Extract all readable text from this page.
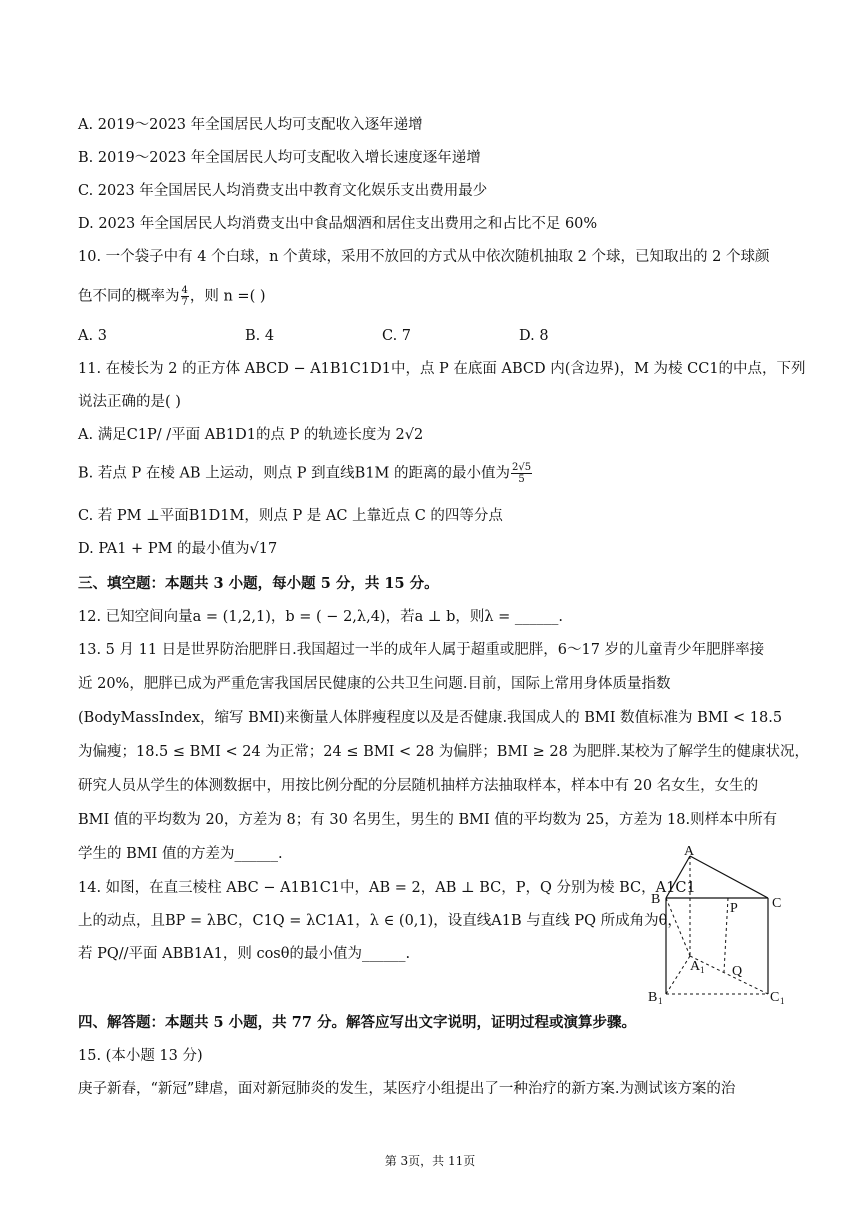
A. 2019～2023 年全国居民人均可支配收入逐年递增
B. 2019～2023 年全国居民人均可支配收入增长速度逐年递增
C. 2023 年全国居民人均消费支出中教育文化娱乐支出费用最少
D. 2023 年全国居民人均消费支出中食品烟酒和居住支出费用之和占比不足 60%
10. 一个袋子中有 4 个白球，n 个黄球，采用不放回的方式从中依次随机抽取 2 个球，已知取出的 2 个球颜
色不同的概率为 $\frac{4}{7}$ ，则 n =( )
A. 3	B. 4	C. 7	D. 8
11. 在棱长为 2 的正方体 ABCD − A1B1C1D1中，点 P 在底面 ABCD 内(含边界)，M 为棱 CC1的中点，下列
说法正确的是( )
A. 满足C1P/ /平面 AB1D1的点 P 的轨迹长度为 2√2
B. 若点 P 在棱 AB 上运动，则点 P 到直线B1M 的距离的最小值为 $\frac{2√5}{5}$
C. 若 PM ⊥平面B1D1M，则点 P 是 AC 上靠近点 C 的四等分点
D. PA1 + PM 的最小值为√17
三、填空题：本题共 3 小题，每小题 5 分，共 15 分。
12. 已知空间向量a = (1,2,1)，b = ( − 2,λ,4)，若a ⊥ b，则λ = ______.
13. 5 月 11 日是世界防治肥胖日.我国超过一半的成年人属于超重或肥胖，6～17 岁的儿童青少年肥胖率接
近 20%，肥胖已成为严重危害我国居民健康的公共卫生问题.目前，国际上常用身体质量指数
(BodyMassIndex，缩写 BMI)来衡量人体胖瘦程度以及是否健康.我国成人的 BMI 数值标准为 BMI < 18.5
为偏瘦；18.5 ≤ BMI < 24 为正常；24 ≤ BMI < 28 为偏胖；BMI ≥ 28 为肥胖.某校为了解学生的健康状况，
研究人员从学生的体测数据中，用按比例分配的分层随机抽样方法抽取样本，样本中有 20 名女生，女生的
BMI 值的平均数为 20，方差为 8；有 30 名男生，男生的 BMI 值的平均数为 25，方差为 18.则样本中所有
学生的 BMI 值的方差为______.
14. 如图，在直三棱柱 ABC − A1B1C1中，AB = 2，AB ⊥ BC，P，Q 分别为棱 BC，A1C1
上的动点，且BP = λBC，C1Q = λC1A1，λ ∈ (0,1)，设直线A1B 与直线 PQ 所成角为θ，
若 PQ//平面 ABB1A1，则 cosθ的最小值为______.
A
B	C
P
Q
A 1
B 1	C 1
四、解答题：本题共 5 小题，共 77 分。解答应写出文字说明，证明过程或演算步骤。
15. (本小题 13 分)
庚子新春，“新冠”肆虐，面对新冠肺炎的发生，某医疗小组提出了一种治疗的新方案.为测试该方案的治
第 3页，共 11页
